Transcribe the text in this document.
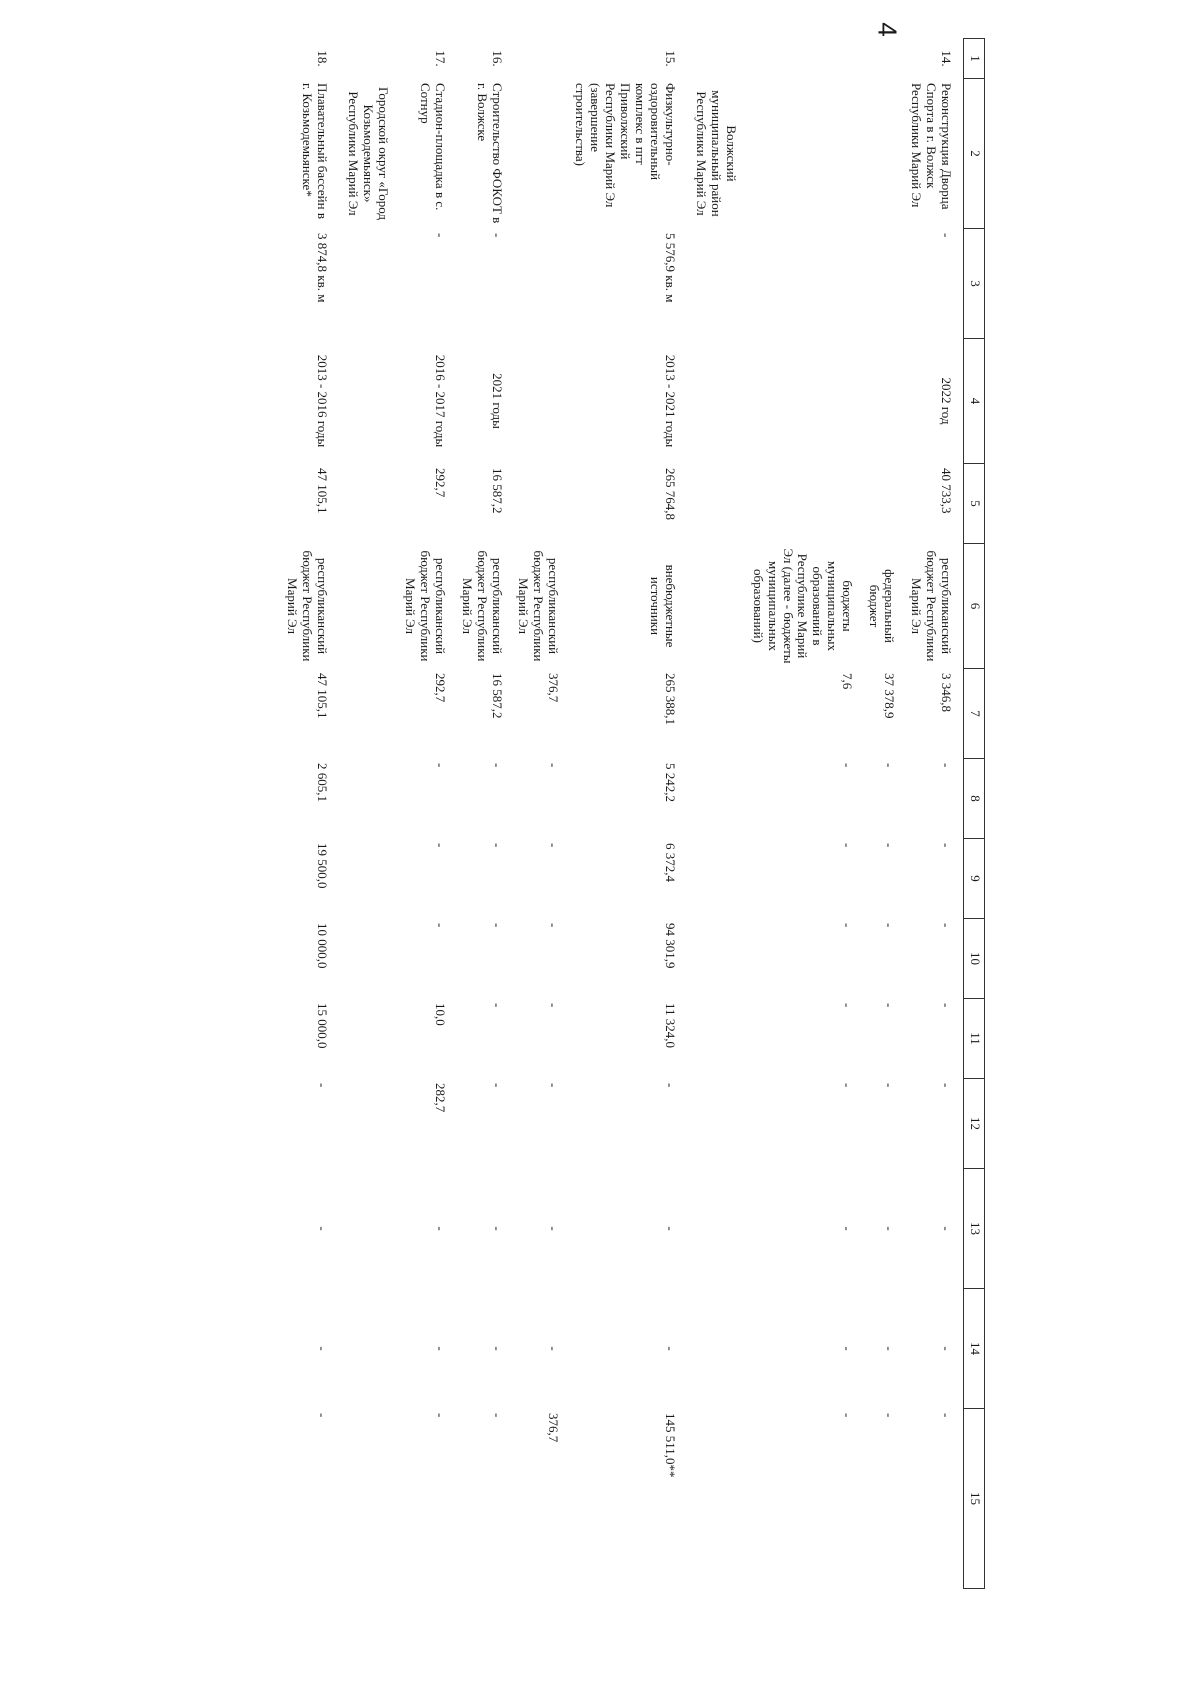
4
1	2	3	4	5	6	7	8	9	10	11	12	13	14	15
14.	Реконструкция Дворца Спорта в г. Волжск Республики Марий Эл	-	2022 год	40 733,3	республиканский бюджет Республики Марий Эл	3 346,8	-	-	-	-	-	-	-	-
					федеральный бюджет	37 378,9	-	-	-	-	-	-	-	-
					бюджеты муниципальных образований в Республике Марий Эл (далее - бюджеты муниципальных образований)	7,6	-	-	-	-	-	-	-	-
	Волжский муниципальный район Республики Марий Эл													
15.	Физкультурно-оздоровительный комплекс в пгт Приволжский Республики Марий Эл (завершение строительства)	5 576,9 кв. м	2013 - 2021 годы	265 764,8	внебюджетные источники	265 388,1	5 242,2	6 372,4	94 301,9	11 324,0	-	-	-	145 511,0**
					республиканский бюджет Республики Марий Эл	376,7	-	-	-	-	-	-	-	376,7
16.	Строительство ФОКОТ в г. Волжске	-	2021 годы	16 587,2	республиканский бюджет Республики Марий Эл	16 587,2	-	-	-	-	-	-	-	-
17.	Стадион-площадка в с. Сотнур	-	2016 - 2017 годы	292,7	республиканский бюджет Республики Марий Эл	292,7	-	-	-	10,0	282,7	-	-	-
	Городской округ «Город Козьмодемьянск» Республики Марий Эл													
18.	Плавательный бассейн в г. Козьмодемьянске*	3 874,8 кв. м	2013 - 2016 годы	47 105,1	республиканский бюджет Республики Марий Эл	47 105,1	2 605,1	19 500,0	10 000,0	15 000,0	-	-	-	-
